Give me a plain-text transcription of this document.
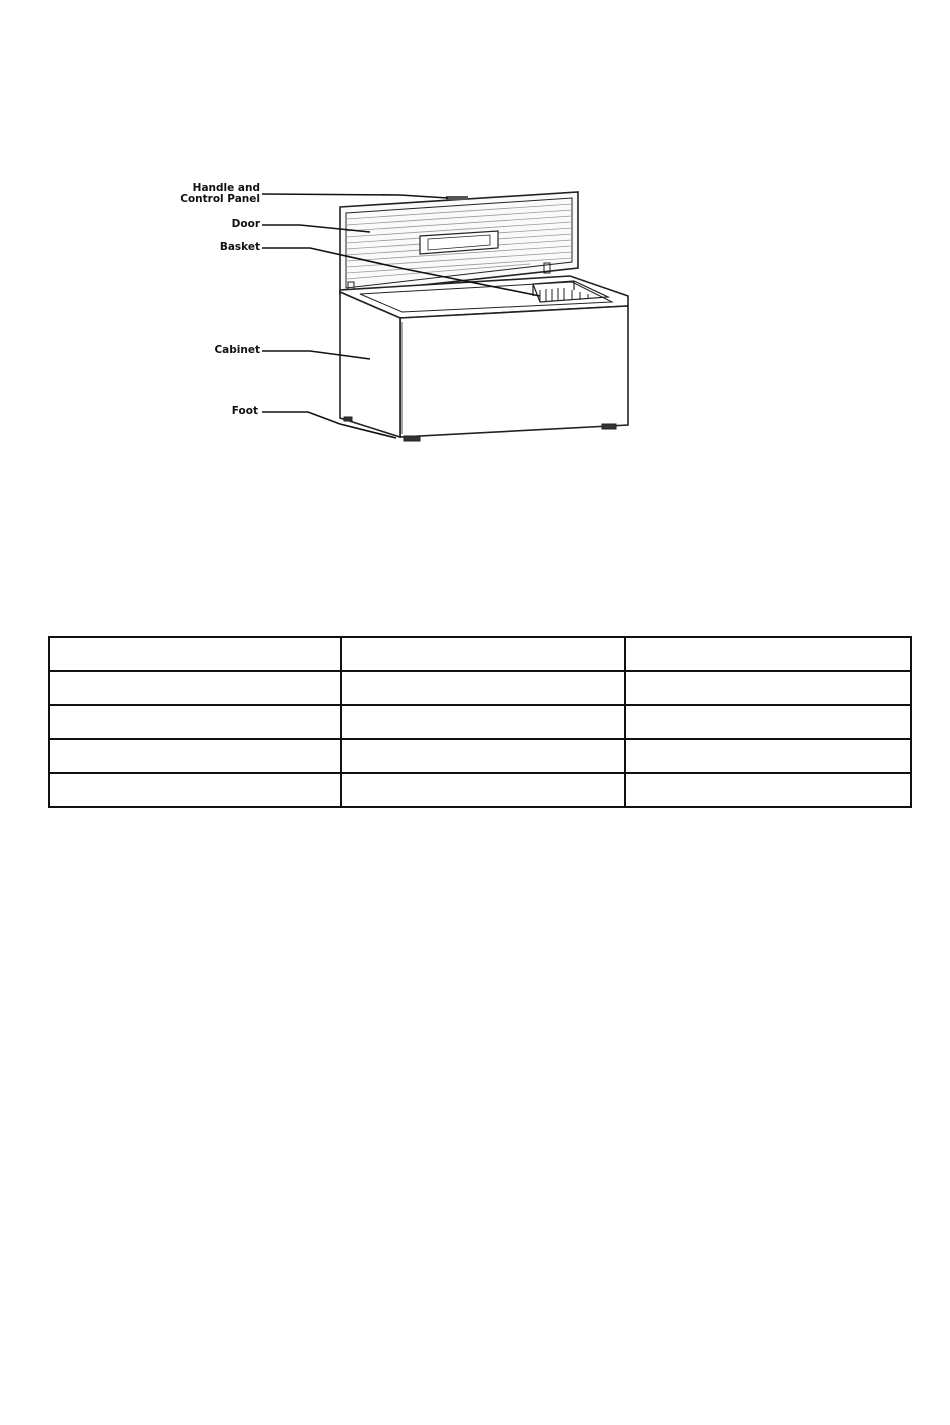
Handle and
Control Panel
Door
Basket
Cabinet
Foot
